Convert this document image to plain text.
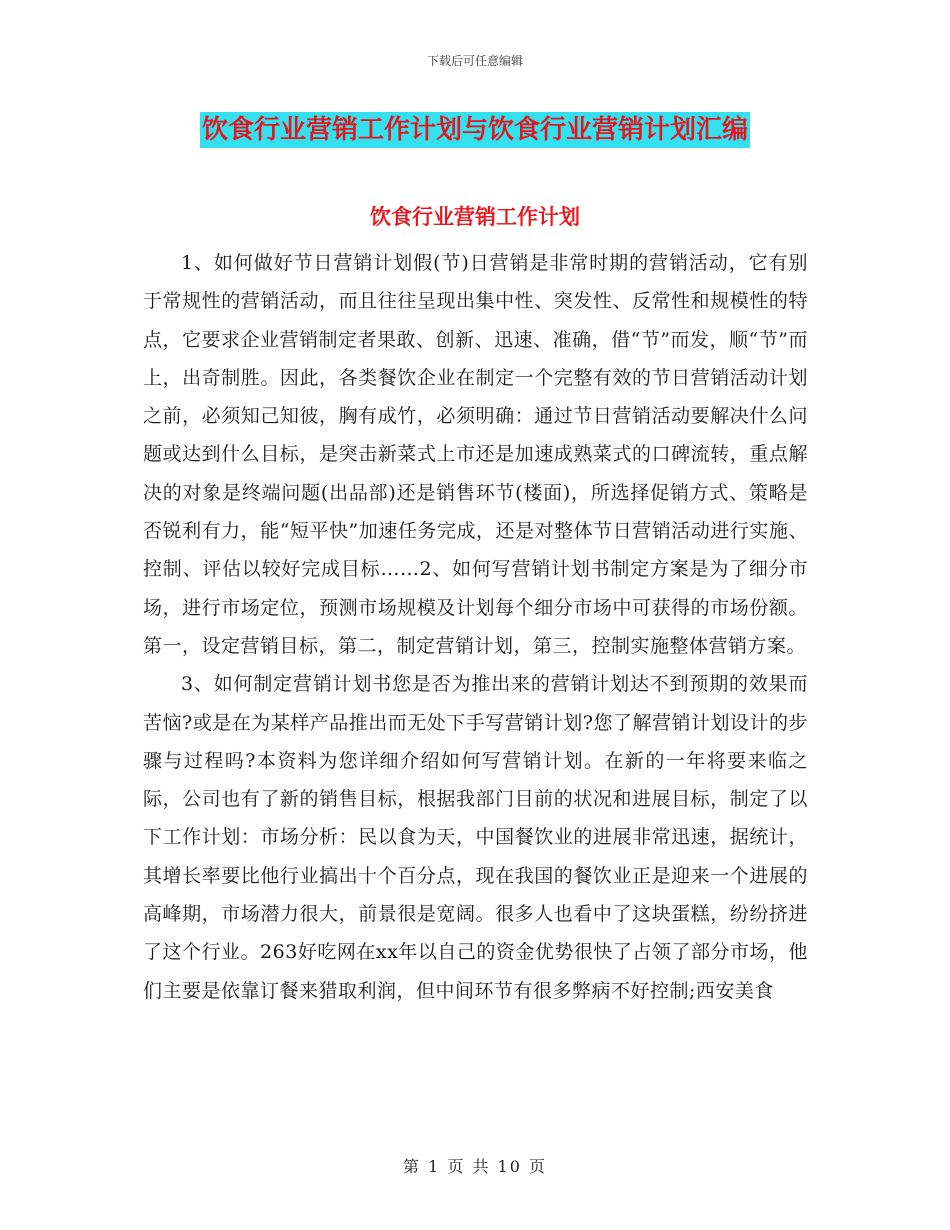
下载后可任意编辑
饮食行业营销工作计划与饮食行业营销计划汇编
饮食行业营销工作计划

1、如何做好节日营销计划假(节)日营销是非常时期的营销活动，它有别于常规性的营销活动，而且往往呈现出集中性、突发性、反常性和规模性的特点，它要求企业营销制定者果敢、创新、迅速、准确，借“节”而发，顺“节”而上，出奇制胜。因此，各类餐饮企业在制定一个完整有效的节日营销活动计划之前，必须知己知彼，胸有成竹，必须明确：通过节日营销活动要解决什么问题或达到什么目标，是突击新菜式上市还是加速成熟菜式的口碑流转，重点解决的对象是终端问题(出品部)还是销售环节(楼面)，所选择促销方式、策略是否锐利有力，能“短平快”加速任务完成，还是对整体节日营销活动进行实施、控制、评估以较好完成目标……2、如何写营销计划书制定方案是为了细分市场，进行市场定位，预测市场规模及计划每个细分市场中可获得的市场份额。第一，设定营销目标，第二，制定营销计划，第三，控制实施整体营销方案。

3、如何制定营销计划书您是否为推出来的营销计划达不到预期的效果而苦恼?或是在为某样产品推出而无处下手写营销计划?您了解营销计划设计的步骤与过程吗?本资料为您详细介绍如何写营销计划。在新的一年将要来临之际，公司也有了新的销售目标，根据我部门目前的状况和进展目标，制定了以下工作计划：市场分析：民以食为天，中国餐饮业的进展非常迅速，据统计，其增长率要比他行业搞出十个百分点，现在我国的餐饮业正是迎来一个进展的高峰期，市场潜力很大，前景很是宽阔。很多人也看中了这块蛋糕，纷纷挤进了这个行业。263好吃网在xx年以自己的资金优势很快了占领了部分市场，他们主要是依靠订餐来猎取利润，但中间环节有很多弊病不好控制;西安美食

第 1 页 共 10 页
